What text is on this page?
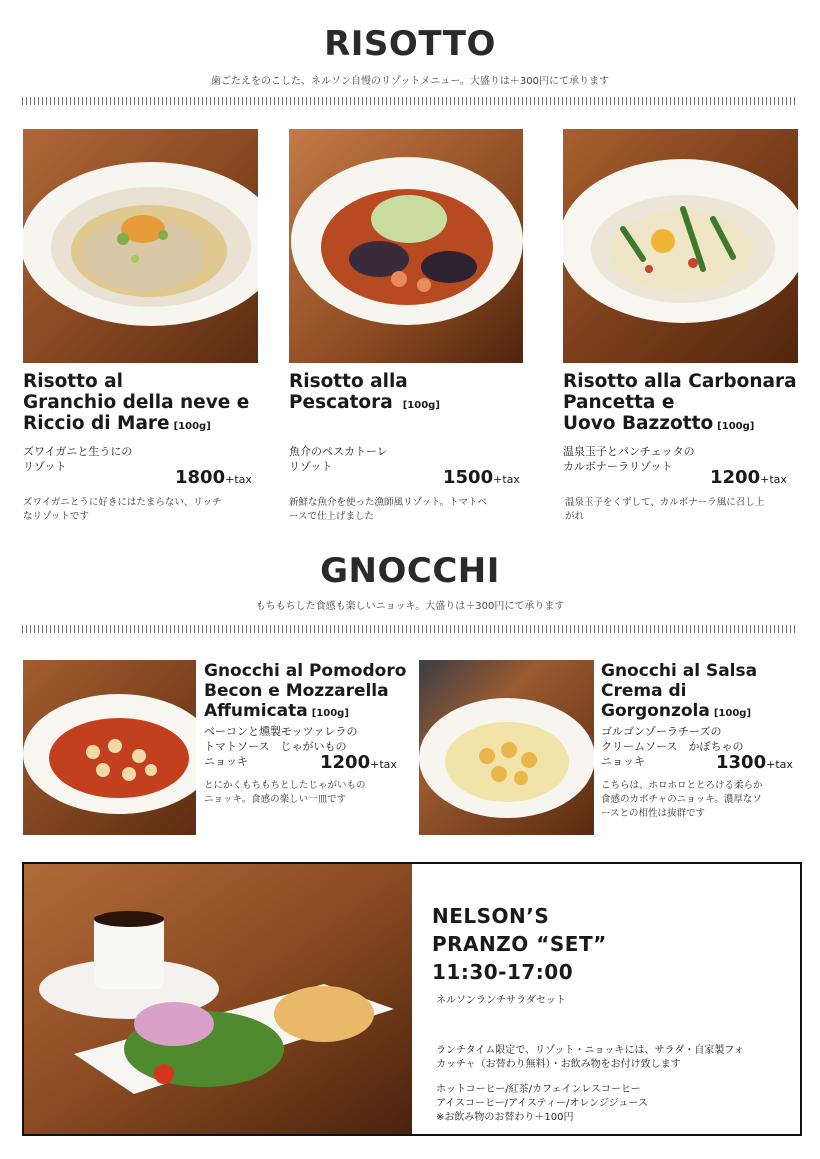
RISOTTO
歯ごたえをのこした、ネルソン自慢のリゾットメニュー。大盛りは＋300円にて承ります
Risotto al
Granchio della neve e
Riccio di Mare [100g]
ズワイガニと生うにの
リゾット
1800+tax
ズワイガニとうに好きにはたまらない、リッチ
なリゾットです
Risotto alla
Pescatora [100g]
魚介のペスカトーレ
リゾット
1500+tax
新鮮な魚介を使った漁師風リゾット。トマトベ
ースで仕上げました
Risotto alla Carbonara
Pancetta e
Uovo Bazzotto [100g]
温泉玉子とパンチェッタの
カルボナーラリゾット
1200+tax
温泉玉子をくずして、カルボナーラ風に召し上
がれ
GNOCCHI
もちもちした食感も楽しいニョッキ。大盛りは＋300円にて承ります
Gnocchi al Pomodoro
Becon e Mozzarella
Affumicata [100g]
ベーコンと燻製モッツァレラの
トマトソース　じゃがいもの
ニョッキ	1200+tax
とにかくもちもちとしたじゃがいもの
ニョッキ。食感の楽しい一皿です
Gnocchi al Salsa
Crema di
Gorgonzola [100g]
ゴルゴンゾーラチーズの
クリームソース　かぼちゃの
ニョッキ	1300+tax
こちらは、ホロホロととろける柔らか
食感のカボチャのニョッキ。濃厚なソ
ースとの相性は抜群です
NELSON’S
PRANZO “SET”
11:30-17:00
ネルソンランチサラダセット
ランチタイム限定で、リゾット・ニョッキには、サラダ・自家製フォ
カッチャ（お替わり無料）・お飲み物をお付け致します
ホットコーヒー/紅茶/カフェインレスコーヒー
アイスコーヒー/アイスティー/オレンジジュース
※お飲み物のお替わり＋100円
